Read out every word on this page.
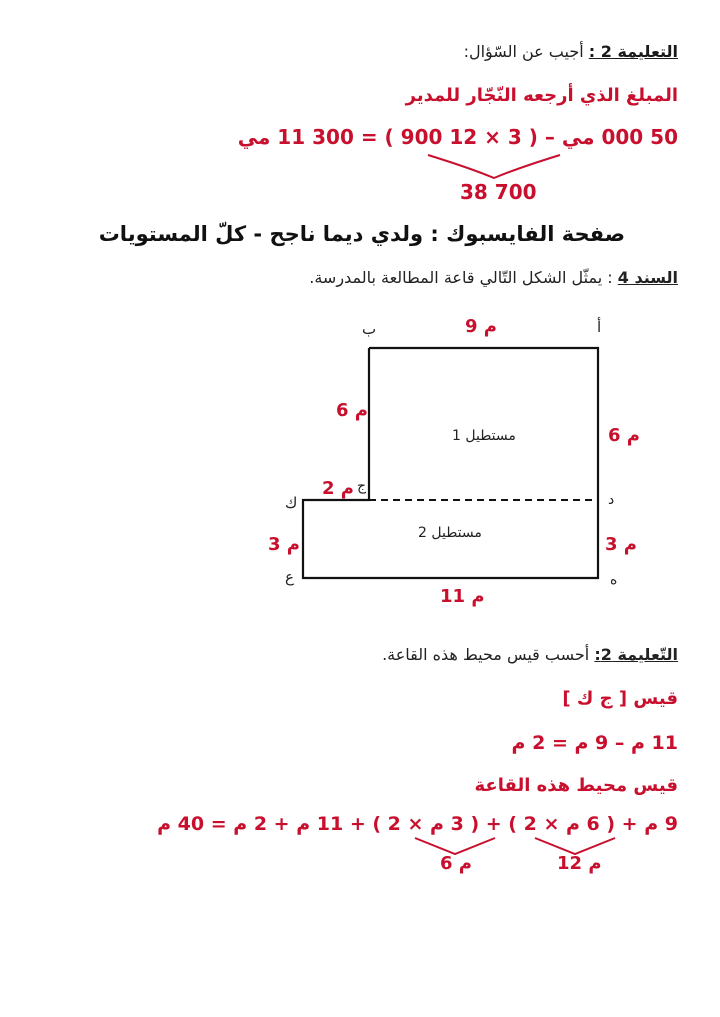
التعليمة 2 : أجيب عن السّؤال:
المبلغ الذي أرجعه النّجّار للمدير
50 000 مي – ( 3 × 12 900 ) = 300 11 مي
38 700
صفحة الفايسبوك : ولدي ديما ناجح - كلّ المستويات
السند 4 : يمثّل الشكل التّالي قاعة المطالعة بالمدرسة.
9 م
ب	أ
6 م
6 م
مستطيل 1
2 م ج
ك	د
مستطيل 2
3 م	3 م
ع	ه
11 م
التّعليمة 2: أحسب قيس محيط هذه القاعة.
قيس [ ج ك ]
11 م – 9 م = 2 م
قيس محيط هذه القاعة
9 م + ( 6 م × 2 ) + ( 3 م × 2 ) + 11 م + 2 م = 40 م
6 م	12 م
